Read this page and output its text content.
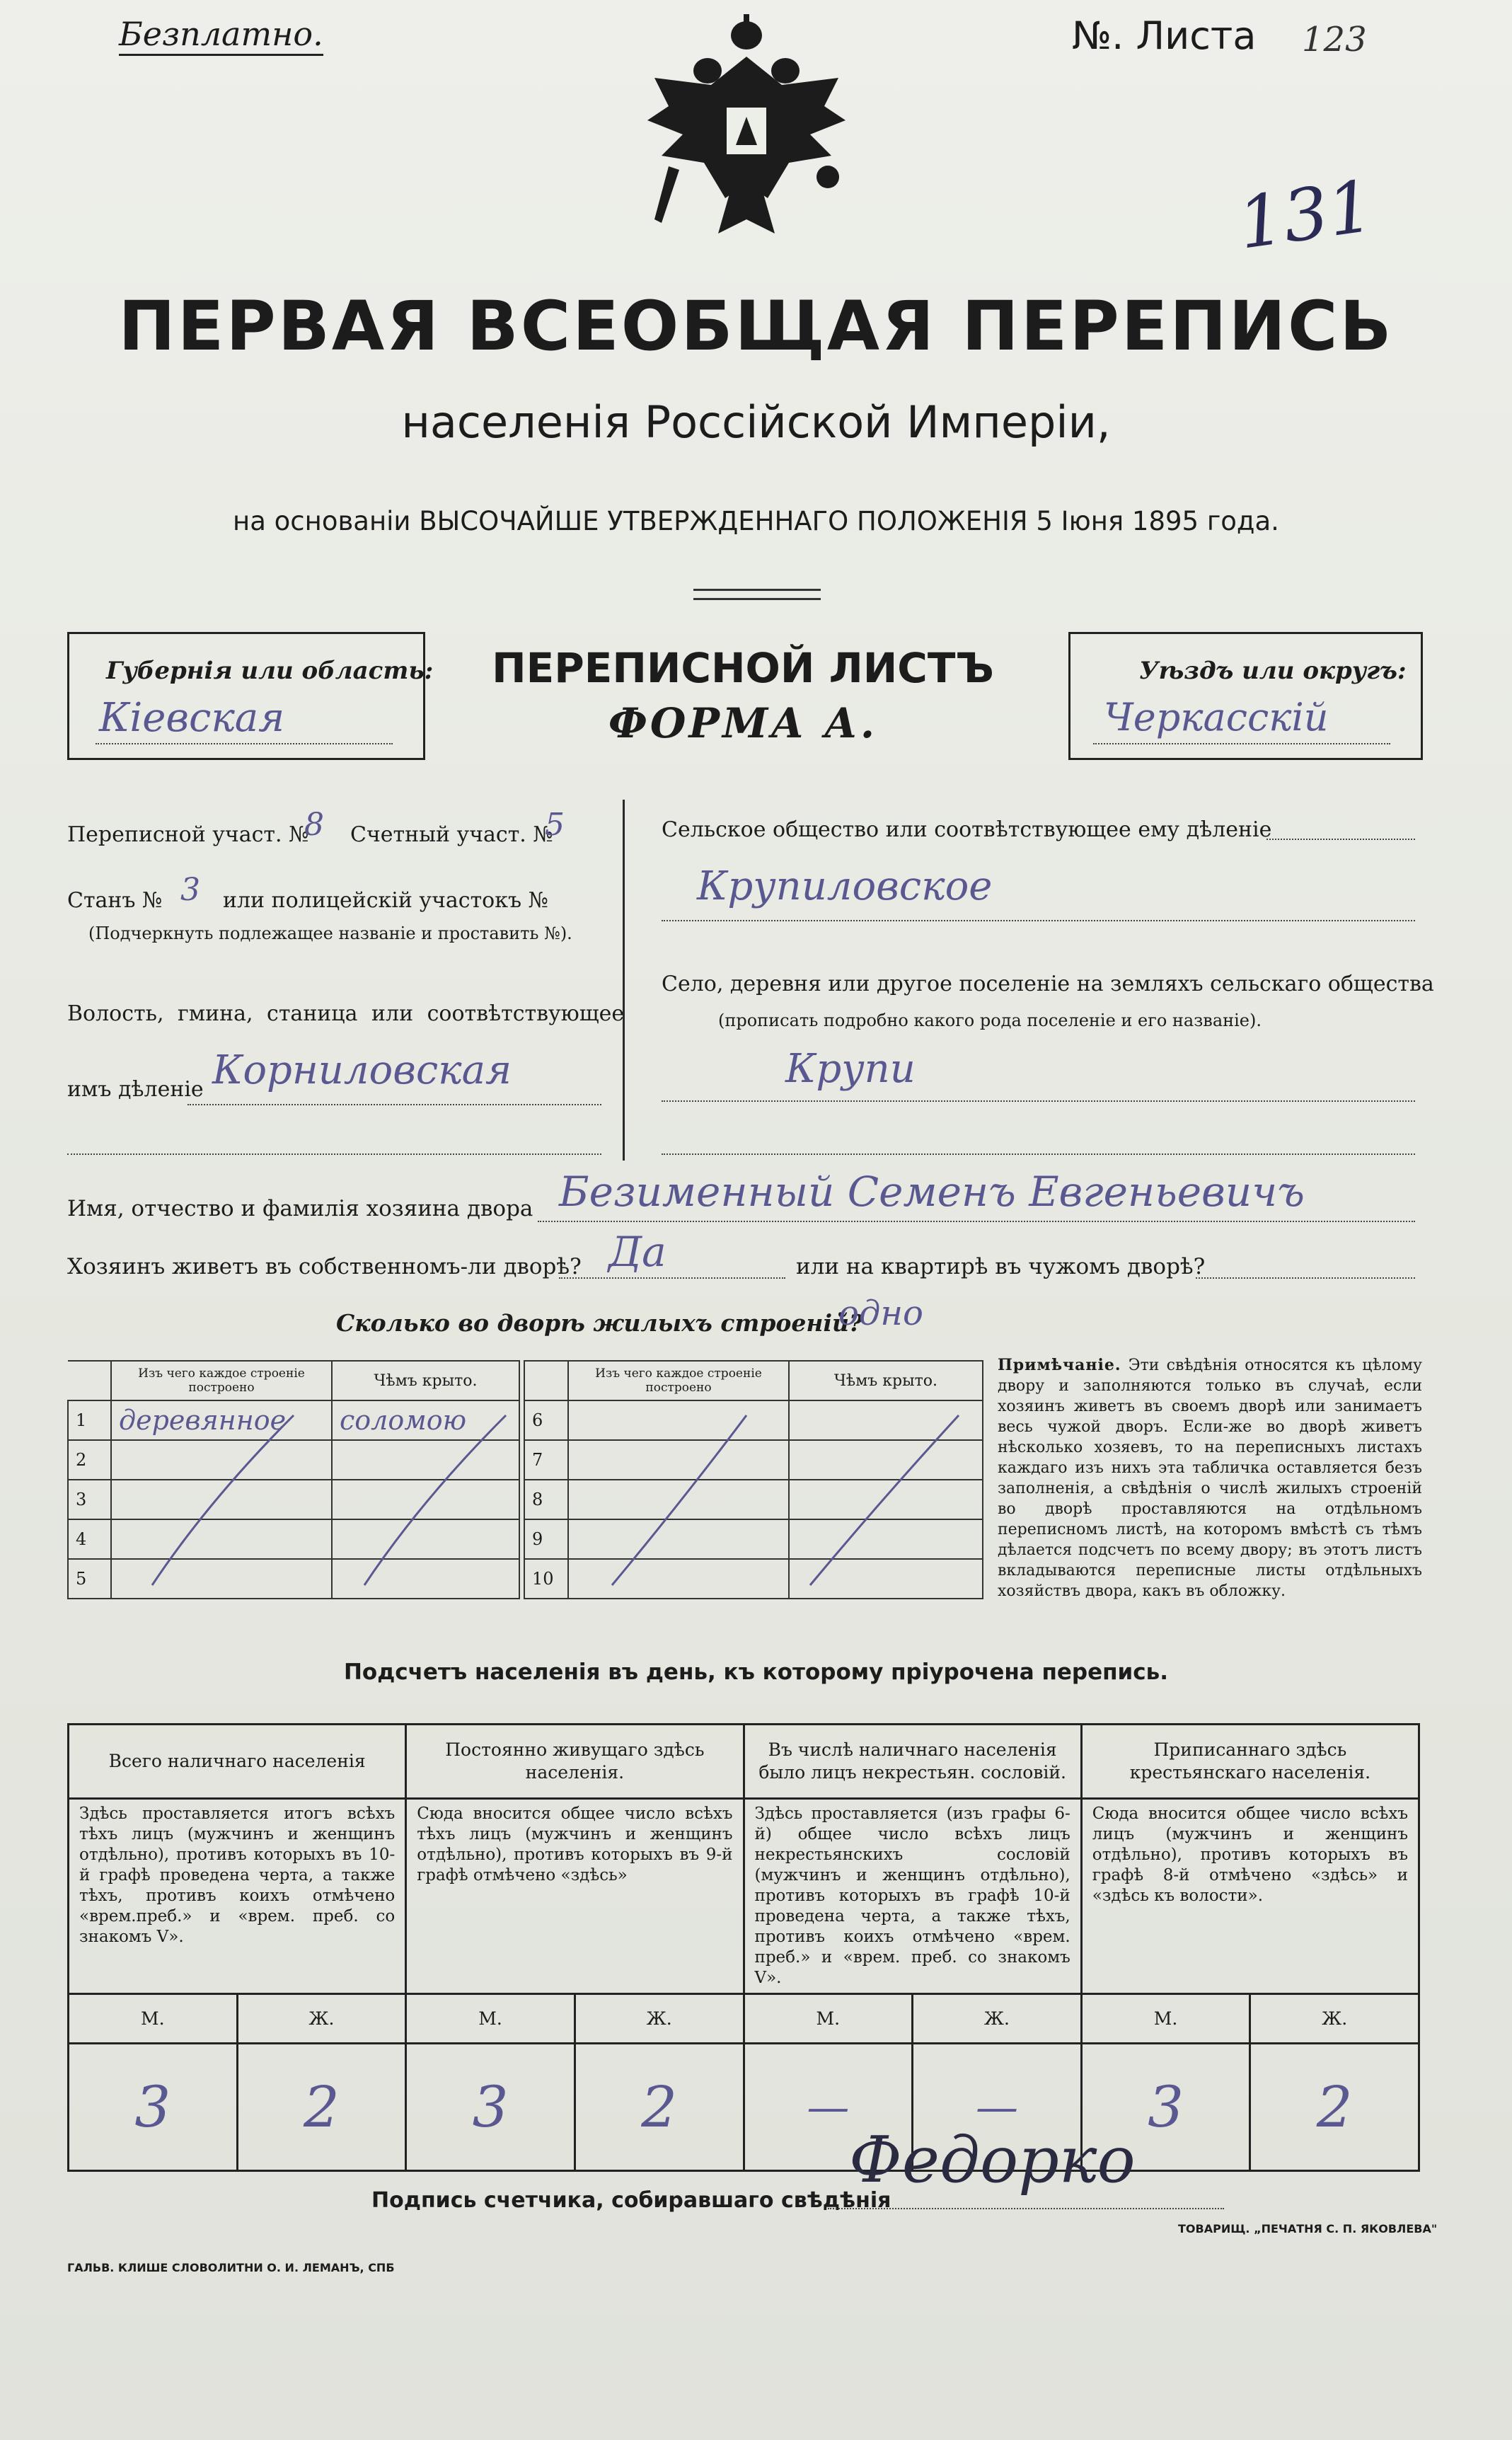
Безплатно.	№. Листа 123
131
ПЕРВАЯ ВСЕОБЩАЯ ПЕРЕПИСЬ
населенія Россійской Имперіи,
на основаніи ВЫСОЧАЙШЕ УТВЕРЖДЕННАГО ПОЛОЖЕНІЯ 5 Іюня 1895 года.
Губернія или область:
Кіевская
ПЕРЕПИСНОЙ ЛИСТЪ
ФОРМА А.
Уѣздъ или округъ:
Черкасскій
Переписной участ. №
8 Счетный участ. №
5
Станъ № 3 или полицейскій участокъ №
(Подчеркнуть подлежащее названіе и проставить №).
Волость, гмина, станица или соотвѣтствующее
имъ дѣленіе Корниловская
Сельское общество или соотвѣтствующее ему дѣленіе
Крупиловское
Село, деревня или другое поселеніе на земляхъ сельскаго общества
(прописать подробно какого рода поселеніе и его названіе).
Крупи
Имя, отчество и фамилія хозяина двора Безименный Семенъ Евгеньевичъ
Хозяинъ живетъ въ собственномъ-ли дворѣ? Да	или на квартирѣ въ чужомъ дворѣ?
Сколько во дворѣ жилыхъ строеній?
одно
	Изъ чего каждое строеніе построено	Чѣмъ крыто.
1	деревянное	соломою
2		
3		
4		
5		
	Изъ чего каждое строеніе построено	Чѣмъ крыто.
6		
7		
8		
9		
10		
Примѣчаніе. Эти свѣдѣнія относятся къ цѣлому двору и заполняются только въ случаѣ, если хозяинъ живетъ въ своемъ дворѣ или занимаетъ весь чужой дворъ. Если-же во дворѣ живетъ нѣсколько хозяевъ, то на переписныхъ листахъ каждаго изъ нихъ эта табличка оставляется безъ заполненія, а свѣдѣнія о числѣ жилыхъ строеній во дворѣ проставляются на отдѣльномъ переписномъ листѣ, на которомъ вмѣстѣ съ тѣмъ дѣлается подсчетъ по всему двору; въ этотъ листъ вкладываются переписные листы отдѣльныхъ хозяйствъ двора, какъ въ обложку.
Подсчетъ населенія въ день, къ которому пріурочена перепись.
Всего наличнаго населенія		Постоянно живущаго здѣсь населенія.		Въ числѣ наличнаго населенія было лицъ некрестьян. сословій.		Приписаннаго здѣсь крестьянскаго населенія.	
Здѣсь проставляется итогъ всѣхъ тѣхъ лицъ (мужчинъ и женщинъ отдѣльно), противъ которыхъ въ 10-й графѣ проведена черта, а также тѣхъ, противъ коихъ отмѣчено «врем.преб.» и «врем. преб. со знакомъ V».		Сюда вносится общее число всѣхъ тѣхъ лицъ (мужчинъ и женщинъ отдѣльно), противъ которыхъ въ 9-й графѣ отмѣчено «здѣсь»		Здѣсь проставляется (изъ графы 6-й) общее число всѣхъ лицъ некрестьянскихъ сословій (мужчинъ и женщинъ отдѣльно), противъ которыхъ въ графѣ 10-й проведена черта, а также тѣхъ, противъ коихъ отмѣчено «врем. преб.» и «врем. преб. со знакомъ V».		Сюда вносится общее число всѣхъ лицъ (мужчинъ и женщинъ отдѣльно), противъ которыхъ въ графѣ 8-й отмѣчено «здѣсь» и «здѣсь къ волости».	
М.	Ж.	М.	Ж.	М.	Ж.	М.	Ж.
3	2	3	2	—	—	3	2
Подпись счетчика, собиравшаго свѣдѣнія
Федорко
ГАЛЬВ. КЛИШЕ СЛОВОЛИТНИ О. И. ЛЕМАНЪ, СПБ
ТОВАРИЩ. „ПЕЧАТНЯ С. П. ЯКОВЛЕВА"
